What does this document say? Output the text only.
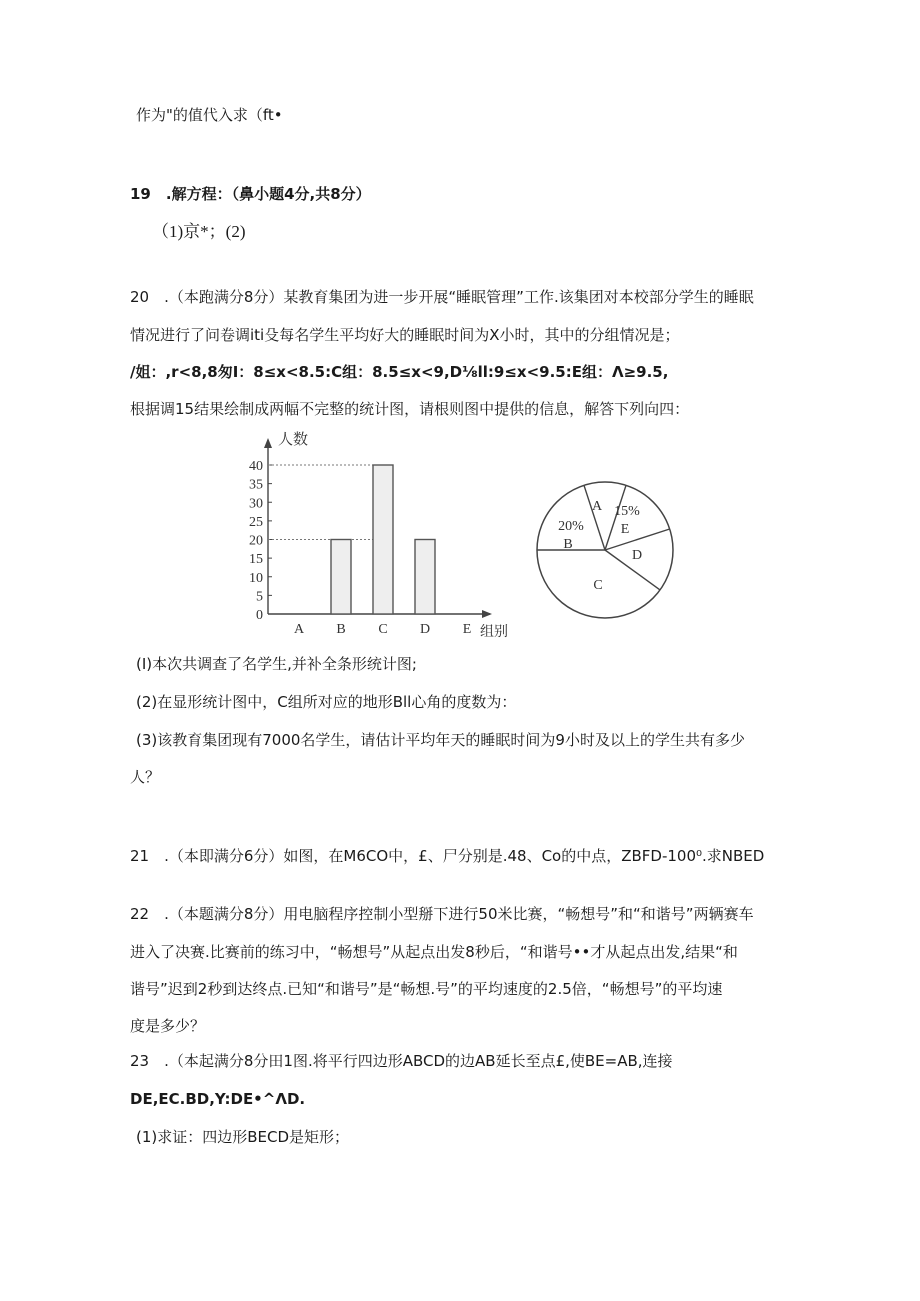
作为"的值代入求（ft•
19　.解方程：（鼻小题4分,共8分）
（1)京*；(2)
20　.（本跑满分8分）某教育集团为进一步开展“睡眠管理”工作.该集团对本校部分学生的睡眠
情况进行了问卷调iti殳每名学生平均好大的睡眠时间为X小时，其中的分组情况是；
/姐：,r<8,8匆I：8≤x<8.5:C组：8.5≤x<9,D⅛ll:9≤x<9.5:E组：Λ≥9.5,
根据调15结果绘制成两幅不完整的统计图，请根则图中提供的信息，解答下列向四：
0
5
10
15
20
25
30
35
40
A B C D E
人数
组别
A 15%
E
D
C
20%
B
(I)本次共调查了名学生,并补全条形统计图;
(2)在显形统计图中，C组所对应的地形Bll心角的度数为：
(3)该教育集团现有7000名学生，请估计平均年天的睡眠时间为9小时及以上的学生共有多少
人？
21　.（本即满分6分）如图，在M6CO中，£、尸分别是.48、Co的中点，ZBFD-100⁰.求NBED
22　.（本题满分8分）用电脑程序控制小型掰下进行50米比赛，“畅想号”和“和谐号”两辆赛车
进入了决赛.比赛前的练习中，“畅想号”从起点出发8秒后，“和谐号••才从起点出发,结果“和
谐号”迟到2秒到达终点.已知“和谐号”是“畅想.号”的平均速度的2.5倍，“畅想号”的平均速
度是多少？
23　.（本起满分8分田1图.将平行四边形ABCD的边AB延长至点£,使BE=AB,连接
DE,EC.BD,Y:DE•^ΛD.
(1)求证：四边形BECD是矩形；
